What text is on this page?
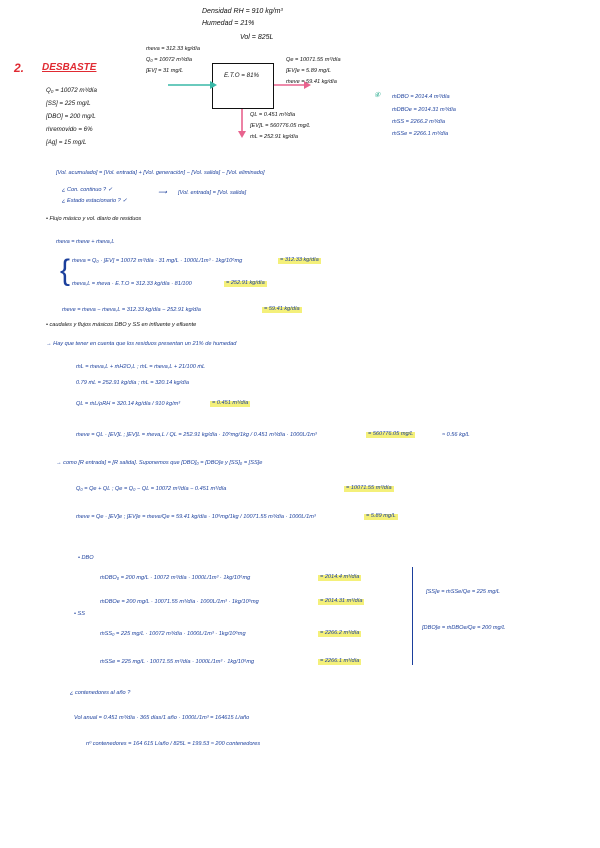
Densidad RH = 910 kg/m³
Humedad = 21%
Vol = 825L
2. DESBASTE
Q₀ = 10072 m³/día
[SS] = 225 mg/L
[DBO] = 200 mg/L
ṁremovido = 6%
[Ag] = 15 mg/L
ṁeva = 312.33 kg/día
Q₀ = 10072 m³/día
[EV] = 31 mg/L
E.T.O = 81%
Qe = 10071.55 m³/día
[EV]e = 5.89 mg/L
ṁeve = 59.41 kg/día
QL = 0.451 m³/día
[EV]L = 560776.05 mg/L
ṁL = 252.91 kg/día
④ ṁDBO = 2014.4 m³/día
ṁDBOe = 2014.31 m³/día
ṁSS = 2266.2 m³/día
ṁSSe = 2266.1 m³/día
[Vol. acumulado] = [Vol. entrada] + [Vol. generación] − [Vol. salida] − [Vol. eliminado]
¿ Con. continuo ? ✓
¿ Estado estacionario ? ✓
⟶ [Vol. entrada] = [Vol. salida]
• Flujo másico y vol. diario de residuos
ṁeva = ṁeve + ṁeva,L
{ ṁeva = Q₀ · [EV] = 10072 m³/día · 31 mg/L · 1000L/1m³ · 1kg/10⁶mg	= 312.33 kg/día
ṁeva,L = ṁeva · E.T.O = 312.33 kg/día · 81/100	= 252.91 kg/día
ṁeve = ṁeva − ṁeva,L = 312.33 kg/día − 252.91 kg/día	= 59.41 kg/día
• caudales y flujos másicos DBO y SS en influente y efluente
→ Hay que tener en cuenta que los residuos presentan un 21% de humedad
ṁL = ṁeva,L + ṁH2O,L ; ṁL = ṁeva,L + 21/100 ṁL
0.79 ṁL = 252.91 kg/día ; ṁL = 320.14 kg/día
QL = ṁL/ρRH = 320.14 kg/día / 910 kg/m³	= 0.451 m³/día
ṁeve = QL · [EV]L ; [EV]L = ṁeva,L / QL = 252.91 kg/día · 10⁶mg/1kg / 0.451 m³/día · 1000L/1m³	= 560776.05 mg/L	≈ 0.56 kg/L
→ como [R entrada] = [R salida]. Suponemos que [DBO]₀ = [DBO]e y [SS]₀ = [SS]e
Q₀ = Qe + QL ; Qe = Q₀ − QL = 10072 m³/día − 0.451 m³/día	= 10071.55 m³/día
ṁeve = Qe · [EV]e ; [EV]e = ṁeve/Qe = 59.41 kg/día · 10⁶mg/1kg / 10071.55 m³/día · 1000L/1m³	= 5.89 mg/L
• DBO
ṁDBO₀ = 200 mg/L · 10072 m³/día · 1000L/1m³ · 1kg/10⁶mg	= 2014.4 m³/día
ṁDBOe = 200 mg/L · 10071.55 m³/día · 1000L/1m³ · 1kg/10⁶mg	= 2014.31 m³/día
• SS
ṁSS₀ = 225 mg/L · 10072 m³/día · 1000L/1m³ · 1kg/10⁶mg	= 2266.2 m³/día
ṁSSe = 225 mg/L · 10071.55 m³/día · 1000L/1m³ · 1kg/10⁶mg	= 2266.1 m³/día
[SS]e = ṁSSe/Qe = 225 mg/L
[DBO]e = ṁDBOe/Qe = 200 mg/L
¿ contenedores al año ?
Vol anual = 0.451 m³/día · 365 días/1 año · 1000L/1m³ = 164615 L/año
nº contenedores = 164 615 L/año / 825L = 199.53 ≈ 200 contenedores
